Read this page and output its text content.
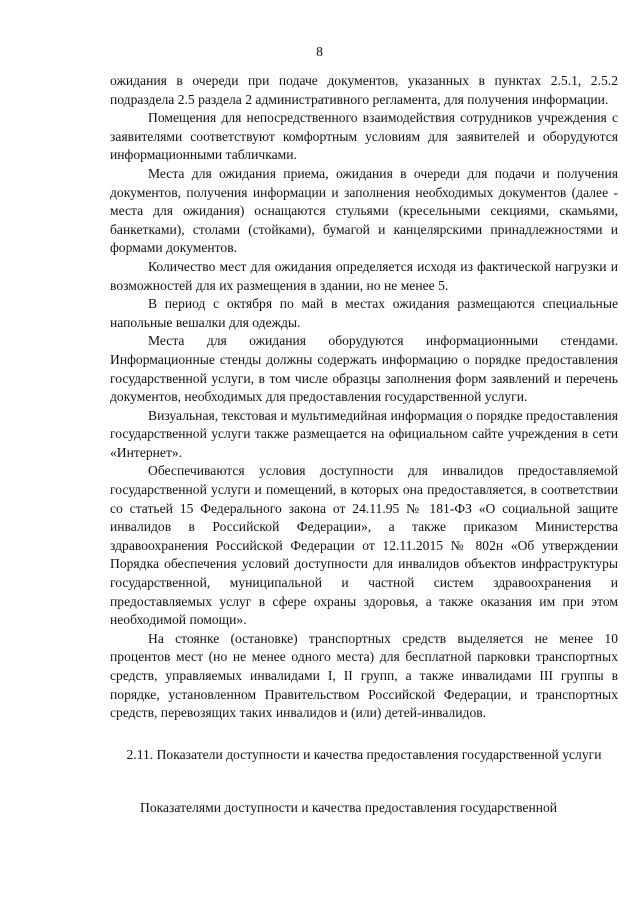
8

ожидания в очереди при подаче документов, указанных в пунктах 2.5.1, 2.5.2 подраздела 2.5 раздела 2 административного регламента, для получения информации.

Помещения для непосредственного взаимодействия сотрудников учреждения с заявителями соответствуют комфортным условиям для заявителей и оборудуются информационными табличками.

Места для ожидания приема, ожидания в очереди для подачи и получения документов, получения информации и заполнения необходимых документов (далее - места для ожидания) оснащаются стульями (кресельными секциями, скамьями, банкетками), столами (стойками), бумагой и канцелярскими принадлежностями и формами документов.

Количество мест для ожидания определяется исходя из фактической нагрузки и возможностей для их размещения в здании, но не менее 5.

В период с октября по май в местах ожидания размещаются специальные напольные вешалки для одежды.

Места для ожидания оборудуются информационными стендами. Информационные стенды должны содержать информацию о порядке предоставления государственной услуги, в том числе образцы заполнения форм заявлений и перечень документов, необходимых для предоставления государственной услуги.

Визуальная, текстовая и мультимедийная информация о порядке предоставления государственной услуги также размещается на официальном сайте учреждения в сети «Интернет».

Обеспечиваются условия доступности для инвалидов предоставляемой государственной услуги и помещений, в которых она предоставляется, в соответствии со статьей 15 Федерального закона от 24.11.95 № 181-ФЗ «О социальной защите инвалидов в Российской Федерации», а также приказом Министерства здравоохранения Российской Федерации от 12.11.2015 № 802н «Об утверждении Порядка обеспечения условий доступности для инвалидов объектов инфраструктуры государственной, муниципальной и частной систем здравоохранения и предоставляемых услуг в сфере охраны здоровья, а также оказания им при этом необходимой помощи».

На стоянке (остановке) транспортных средств выделяется не менее 10 процентов мест (но не менее одного места) для бесплатной парковки транспортных средств, управляемых инвалидами I, II групп, а также инвалидами III группы в порядке, установленном Правительством Российской Федерации, и транспортных средств, перевозящих таких инвалидов и (или) детей-инвалидов.

2.11. Показатели доступности и качества предоставления государственной услуги

Показателями доступности и качества предоставления государственной
